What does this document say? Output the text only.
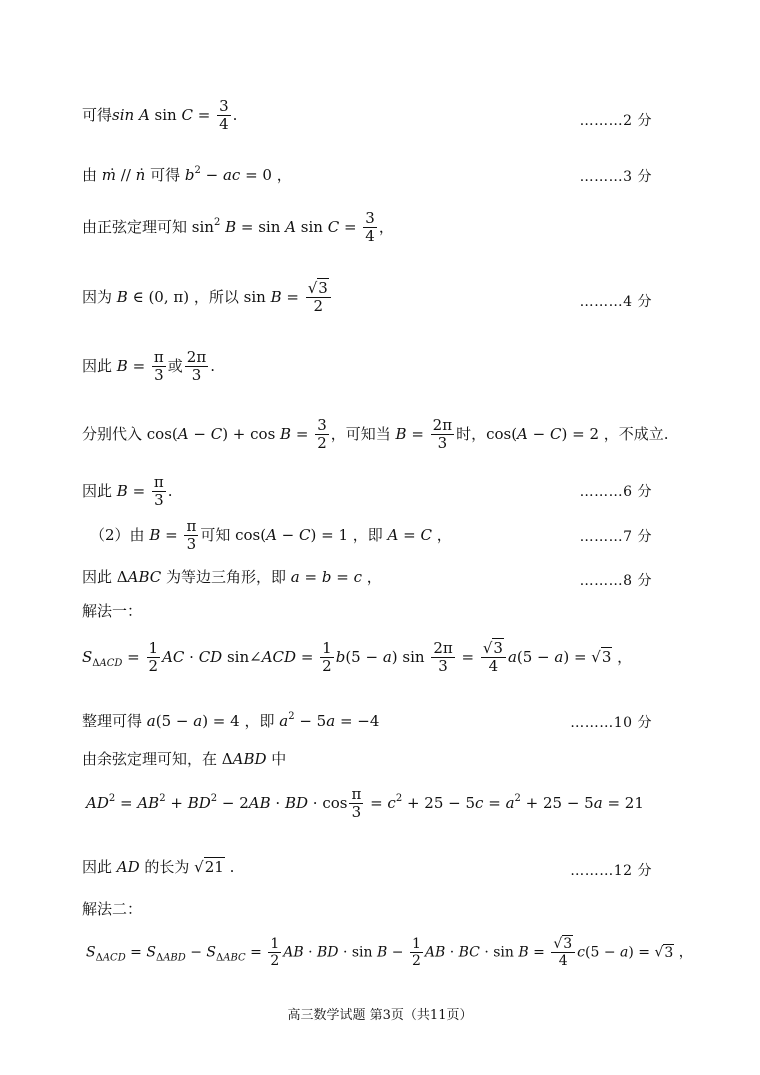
可得sin A $\sin C = \frac{3}{4}$ .	………2 分
由 ṁ // ṅ 可得 $b^2$ − ac = 0 ，	………3 分
由正弦定理可知 $\sin^2 B = \sin A$ $\sin C = \frac{3}{4}$ ，
因为 B ∈ (0, π) ，所以 $\sin B = \frac{√3}{2}$	………4 分
因此 $B = \frac{\pi}{3}$ 或 $\frac{2\pi}{3}$ .
分别代入 $\cos(A - C) + \cos B = \frac{3}{2}$ ，可知当 $B = \frac{2\pi}{3}$ 时，cos(A − C) = 2 ，不成立.
因此 $B = \frac{\pi}{3}$ .	………6 分
（2）由 $B = \frac{\pi}{3}$ 可知 cos(A − C) = 1 ，即 A = C ，	………7 分
因此 ΔABC 为等边三角形，即 a = b = c ，	………8 分
解法一：
$S_{\Delta ACD} = \frac{1}{2}$ AC · CD sin∠ACD = $\frac{1}{2} b(5 - a)$ $\sin \frac{2\pi}{3} = \frac{√3}{4} a(5 - a) = √3$ ，
整理可得 a(5 − a) = 4 ，即 $a^2 - 5a = -4$	………10 分
由余弦定理可知，在 ΔABD 中
$AD^2 = AB^2 + BD^2 - 2AB$ · BD · $\cos \frac{\pi}{3} = c^2 + 25 - 5c = a^2 + 25 - 5a = 21$
因此 AD 的长为 √21 .	………12 分
解法二：
$S_{\Delta ACD} = S_{\Delta ABD} - S_{\Delta ABC} = \frac{1}{2}$ AB · BD · $\sin B - \frac{1}{2}$ AB · BC · $\sin B = \frac{√3}{4} c(5 - a) = √3$ ，
高三数学试题 第3页（共11页）
